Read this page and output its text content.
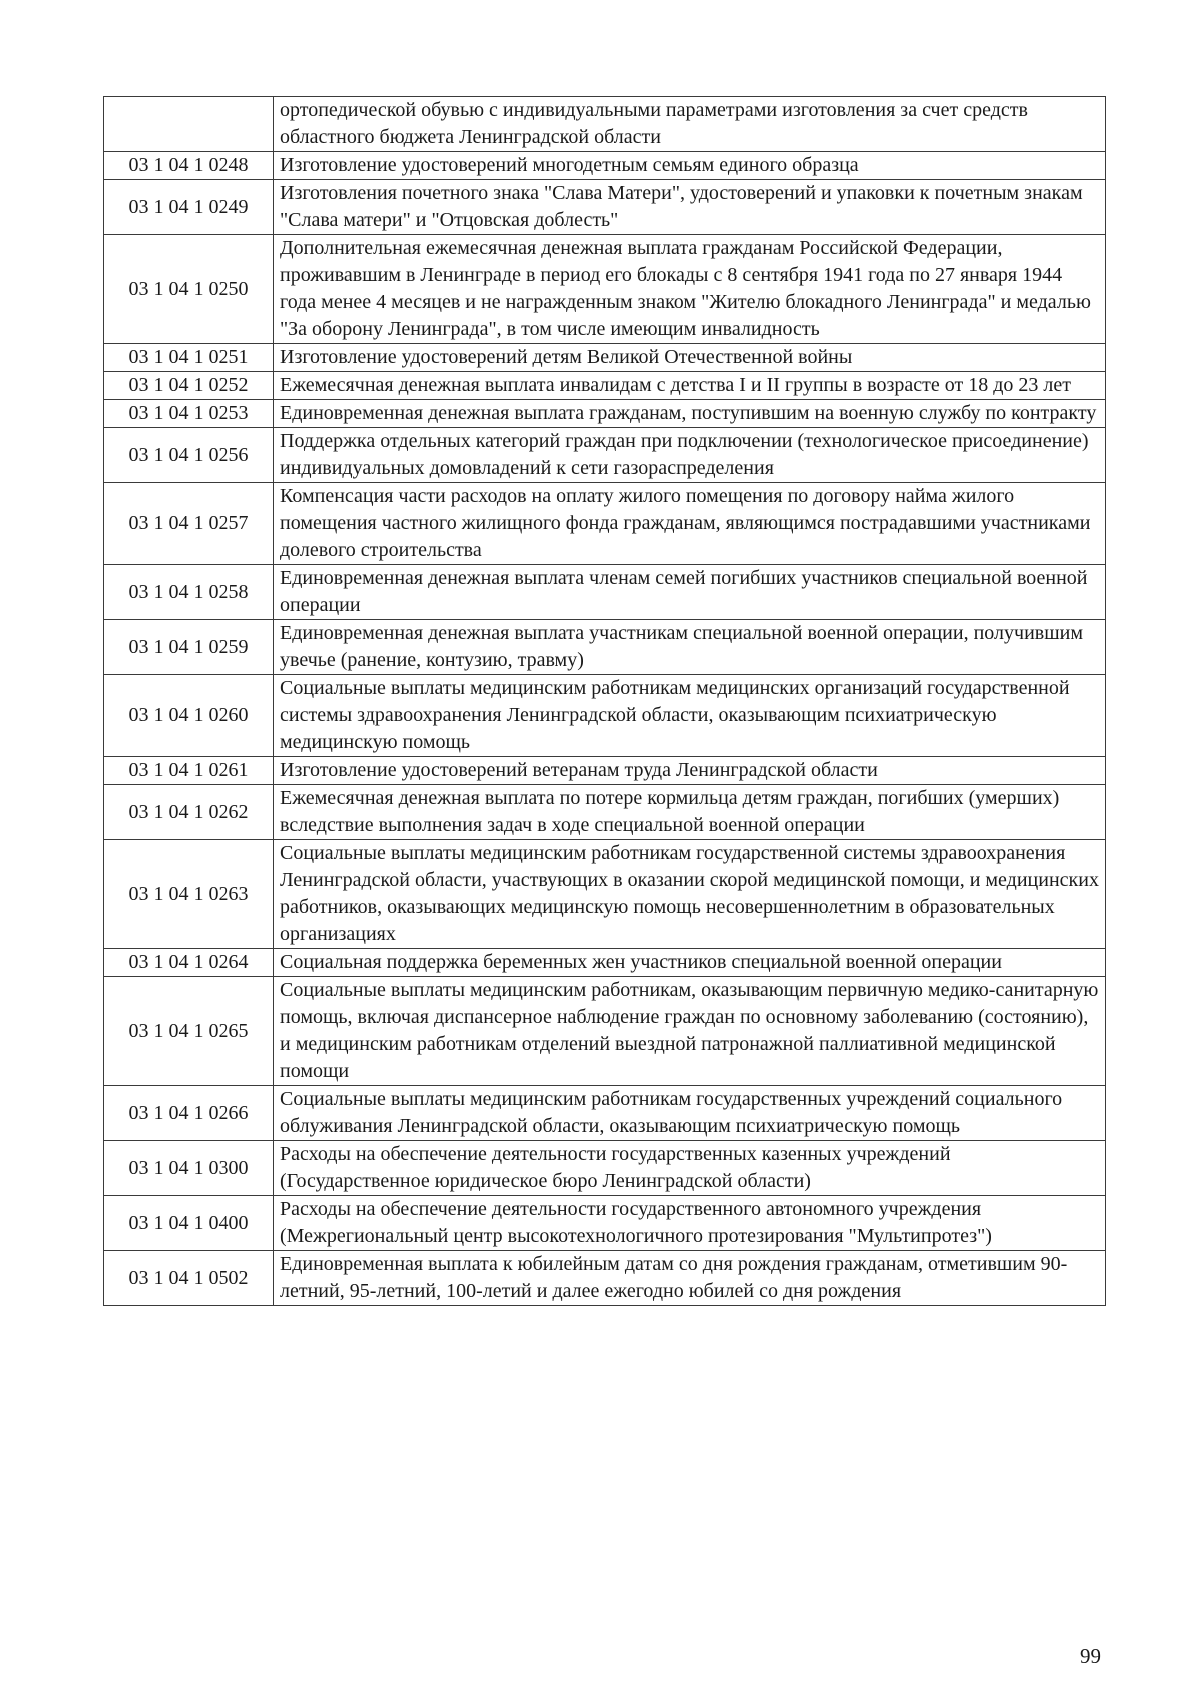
	ортопедической обувью с индивидуальными параметрами изготовления за счет средств областного бюджета Ленинградской области
03 1 04 1 0248	Изготовление удостоверений многодетным семьям единого образца
03 1 04 1 0249	Изготовления почетного знака "Слава Матери", удостоверений и упаковки к почетным знакам "Слава матери" и "Отцовская доблесть"
03 1 04 1 0250	Дополнительная ежемесячная денежная выплата гражданам Российской Федерации, проживавшим в Ленинграде в период его блокады с 8 сентября 1941 года по 27 января 1944 года менее 4 месяцев и не награжденным знаком "Жителю блокадного Ленинграда" и медалью "За оборону Ленинграда", в том числе имеющим инвалидность
03 1 04 1 0251	Изготовление удостоверений детям Великой Отечественной войны
03 1 04 1 0252	Ежемесячная денежная выплата инвалидам с детства I и II группы в возрасте от 18 до 23 лет
03 1 04 1 0253	Единовременная денежная выплата гражданам, поступившим на военную службу по контракту
03 1 04 1 0256	Поддержка отдельных категорий граждан при подключении (технологическое присоединение) индивидуальных домовладений к сети газораспределения
03 1 04 1 0257	Компенсация части расходов на оплату жилого помещения по договору найма жилого помещения частного жилищного фонда гражданам, являющимся пострадавшими участниками долевого строительства
03 1 04 1 0258	Единовременная денежная выплата членам семей погибших участников специальной военной операции
03 1 04 1 0259	Единовременная денежная выплата участникам специальной военной операции, получившим увечье (ранение, контузию, травму)
03 1 04 1 0260	Социальные выплаты медицинским работникам медицинских организаций государственной системы здравоохранения Ленинградской области, оказывающим психиатрическую медицинскую помощь
03 1 04 1 0261	Изготовление удостоверений ветеранам труда Ленинградской области
03 1 04 1 0262	Ежемесячная денежная выплата по потере кормильца детям граждан, погибших (умерших) вследствие выполнения задач в ходе специальной военной операции
03 1 04 1 0263	Социальные выплаты медицинским работникам государственной системы здравоохранения Ленинградской области, участвующих в оказании скорой медицинской помощи, и медицинских работников, оказывающих медицинскую помощь несовершеннолетним в образовательных организациях
03 1 04 1 0264	Социальная поддержка беременных жен участников специальной военной операции
03 1 04 1 0265	Социальные выплаты медицинским работникам, оказывающим первичную медико-санитарную помощь, включая диспансерное наблюдение граждан по основному заболеванию (состоянию), и медицинским работникам отделений выездной патронажной паллиативной медицинской помощи
03 1 04 1 0266	Социальные выплаты медицинским работникам государственных учреждений социального облуживания Ленинградской области, оказывающим психиатрическую помощь
03 1 04 1 0300	Расходы на обеспечение деятельности государственных казенных учреждений (Государственное юридическое бюро Ленинградской области)
03 1 04 1 0400	Расходы на обеспечение деятельности государственного автономного учреждения (Межрегиональный центр высокотехнологичного протезирования "Мультипротез")
03 1 04 1 0502	Единовременная выплата к юбилейным датам со дня рождения гражданам, отметившим 90-летний, 95-летний, 100-летий и далее ежегодно юбилей со дня рождения
99
